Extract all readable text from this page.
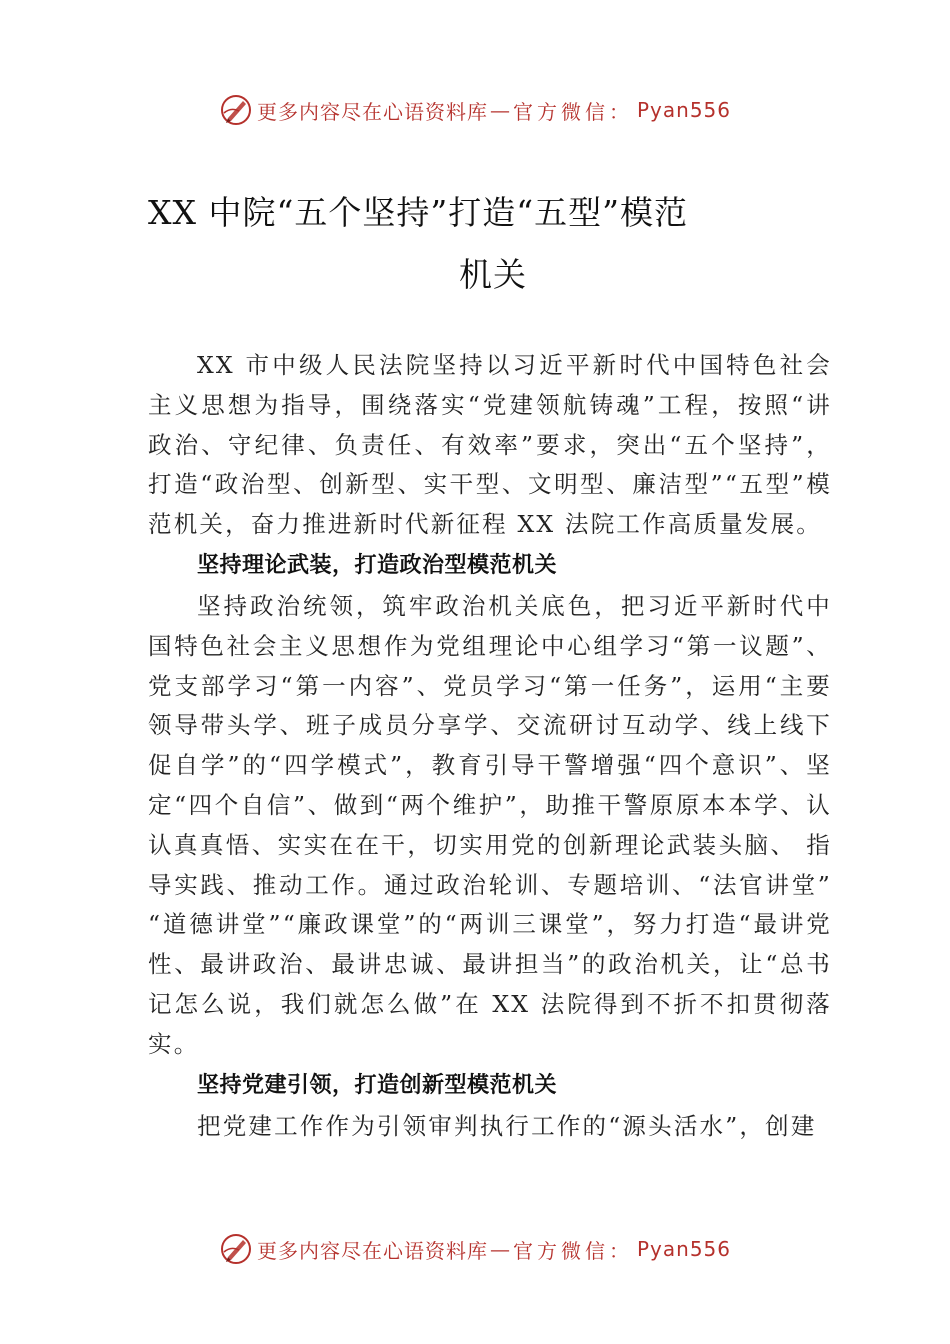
更多内容尽在心语资料库 — 官方微信： Pyan556
XX 中院“五个坚持”打造“五型”模范
机关

XX 市中级人民法院坚持以习近平新时代中国特色社会主义思想为指导，围绕落实“党建领航铸魂”工程，按照“讲政治、守纪律、负责任、有效率”要求，突出“五个坚持”，打造“政治型、创新型、实干型、文明型、廉洁型”“五型”模范机关，奋力推进新时代新征程 XX 法院工作高质量发展。

坚持理论武装，打造政治型模范机关

坚持政治统领，筑牢政治机关底色，把习近平新时代中国特色社会主义思想作为党组理论中心组学习“第一议题”、党支部学习“第一内容”、党员学习“第一任务”，运用“主要领导带头学、班子成员分享学、交流研讨互动学、线上线下促自学”的“四学模式”，教育引导干警增强“四个意识”、坚定“四个自信”、做到“两个维护”，助推干警原原本本学、认认真真悟、实实在在干，切实用党的创新理论武装头脑、 指导实践、推动工作。通过政治轮训、专题培训、“法官讲堂” “道德讲堂”“廉政课堂”的“两训三课堂”，努力打造“最讲党性、最讲政治、最讲忠诚、最讲担当”的政治机关，让“总书记怎么说，我们就怎么做”在 XX 法院得到不折不扣贯彻落实。

坚持党建引领，打造创新型模范机关

把党建工作作为引领审判执行工作的“源头活水”，创建

更多内容尽在心语资料库 — 官方微信： Pyan556
